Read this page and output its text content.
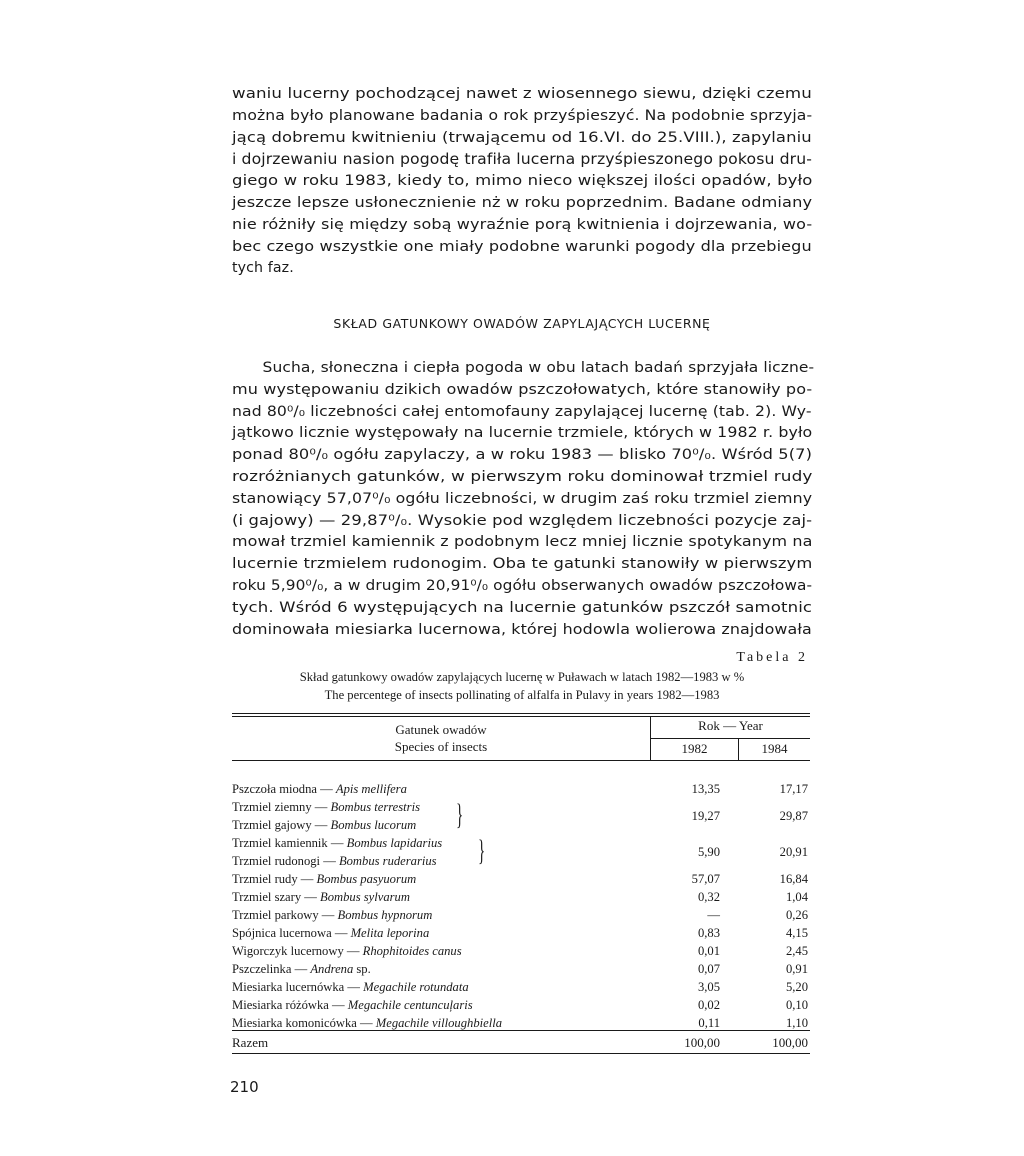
waniu lucerny pochodzącej nawet z wiosennego siewu, dzięki czemu
można było planowane badania o rok przyśpieszyć. Na podobnie sprzyja-
jącą dobremu kwitnieniu (trwającemu od 16.VI. do 25.VIII.), zapylaniu
i dojrzewaniu nasion pogodę trafiła lucerna przyśpieszonego pokosu dru-
giego w roku 1983, kiedy to, mimo nieco większej ilości opadów, było
jeszcze lepsze usłonecznienie nż w roku poprzednim. Badane odmiany
nie różniły się między sobą wyraźnie porą kwitnienia i dojrzewania, wo-
bec czego wszystkie one miały podobne warunki pogody dla przebiegu
tych faz.
SKŁAD GATUNKOWY OWADÓW ZAPYLAJĄCYCH LUCERNĘ
Sucha, słoneczna i ciepła pogoda w obu latach badań sprzyjała liczne-
mu występowaniu dzikich owadów pszczołowatych, które stanowiły po-
nad 80⁰/₀ liczebności całej entomofauny zapylającej lucernę (tab. 2). Wy-
jątkowo licznie występowały na lucernie trzmiele, których w 1982 r. było
ponad 80⁰/₀ ogółu zapylaczy, a w roku 1983 — blisko 70⁰/₀. Wśród 5(7)
rozróżnianych gatunków, w pierwszym roku dominował trzmiel rudy
stanowiący 57,07⁰/₀ ogółu liczebności, w drugim zaś roku trzmiel ziemny
(i gajowy) — 29,87⁰/₀. Wysokie pod względem liczebności pozycje zaj-
mował trzmiel kamiennik z podobnym lecz mniej licznie spotykanym na
lucernie trzmielem rudonogim. Oba te gatunki stanowiły w pierwszym
roku 5,90⁰/₀, a w drugim 20,91⁰/₀ ogółu obserwanych owadów pszczołowa-
tych. Wśród 6 występujących na lucernie gatunków pszczół samotnic
dominowała miesiarka lucernowa, której hodowla wolierowa znajdowała
Tabela 2
Skład gatunkowy owadów zapylających lucernę w Puławach w latach 1982—1983 w %
The percentege of insects pollinating of alfalfa in Pulavy in years 1982—1983
Gatunek owadów
Species of insects
Rok — Year
1982	1984
Pszczoła miodna — Apis mellifera	13,35	17,17
Trzmiel ziemny — Bombus terrestris
Trzmiel gajowy — Bombus lucorum }	19,27	29,87
Trzmiel kamiennik — Bombus lapidarius
Trzmiel rudonogi — Bombus ruderarius }	5,90	20,91
Trzmiel rudy — Bombus pasyuorum	57,07	16,84
Trzmiel szary — Bombus sylvarum	0,32	1,04
Trzmiel parkowy — Bombus hypnorum	—	0,26
Spójnica lucernowa — Melita leporina	0,83	4,15
Wigorczyk lucernowy — Rhophitoides canus	0,01	2,45
Pszczelinka — Andrena sp.	0,07	0,91
Miesiarka lucernówka — Megachile rotundata	3,05	5,20
Miesiarka różówka — Megachile centuncuļaris	0,02	0,10
Miesiarka komonicówka — Megachile villoughbiella	0,11	1,10
Razem	100,00	100,00
210
